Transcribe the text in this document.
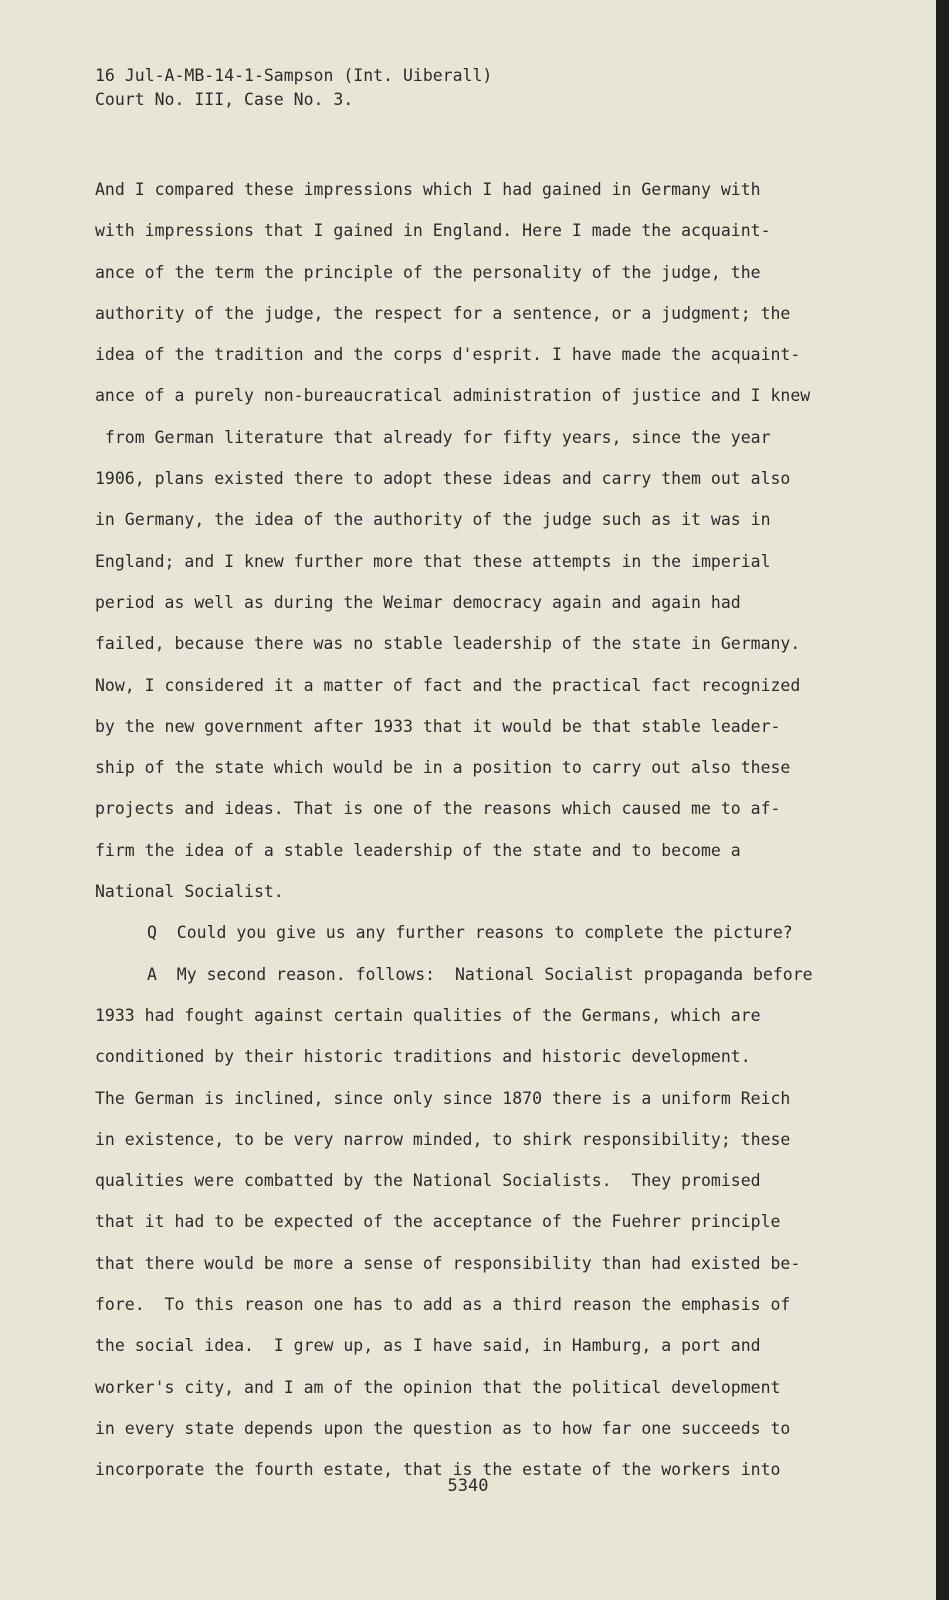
16 Jul-A-MB-14-1-Sampson (Int. Uiberall)
Court No. III, Case No. 3.
And I compared these impressions which I had gained in Germany with
with impressions that I gained in England. Here I made the acquaint-
ance of the term the principle of the personality of the judge, the
authority of the judge, the respect for a sentence, or a judgment; the
idea of the tradition and the corps d'esprit. I have made the acquaint-
ance of a purely non-bureaucratical administration of justice and I knew
from German literature that already for fifty years, since the year
1906, plans existed there to adopt these ideas and carry them out also
in Germany, the idea of the authority of the judge such as it was in
England; and I knew further more that these attempts in the imperial
period as well as during the Weimar democracy again and again had
failed, because there was no stable leadership of the state in Germany.
Now, I considered it a matter of fact and the practical fact recognized
by the new government after 1933 that it would be that stable leader-
ship of the state which would be in a position to carry out also these
projects and ideas. That is one of the reasons which caused me to af-
firm the idea of a stable leadership of the state and to become a
National Socialist.
Q  Could you give us any further reasons to complete the picture?
A  My second reason. follows:  National Socialist propaganda before
1933 had fought against certain qualities of the Germans, which are
conditioned by their historic traditions and historic development.
The German is inclined, since only since 1870 there is a uniform Reich
in existence, to be very narrow minded, to shirk responsibility; these
qualities were combatted by the National Socialists.  They promised
that it had to be expected of the acceptance of the Fuehrer principle
that there would be more a sense of responsibility than had existed be-
fore.  To this reason one has to add as a third reason the emphasis of
the social idea.  I grew up, as I have said, in Hamburg, a port and
worker's city, and I am of the opinion that the political development
in every state depends upon the question as to how far one succeeds to
incorporate the fourth estate, that is the estate of the workers into
5340
